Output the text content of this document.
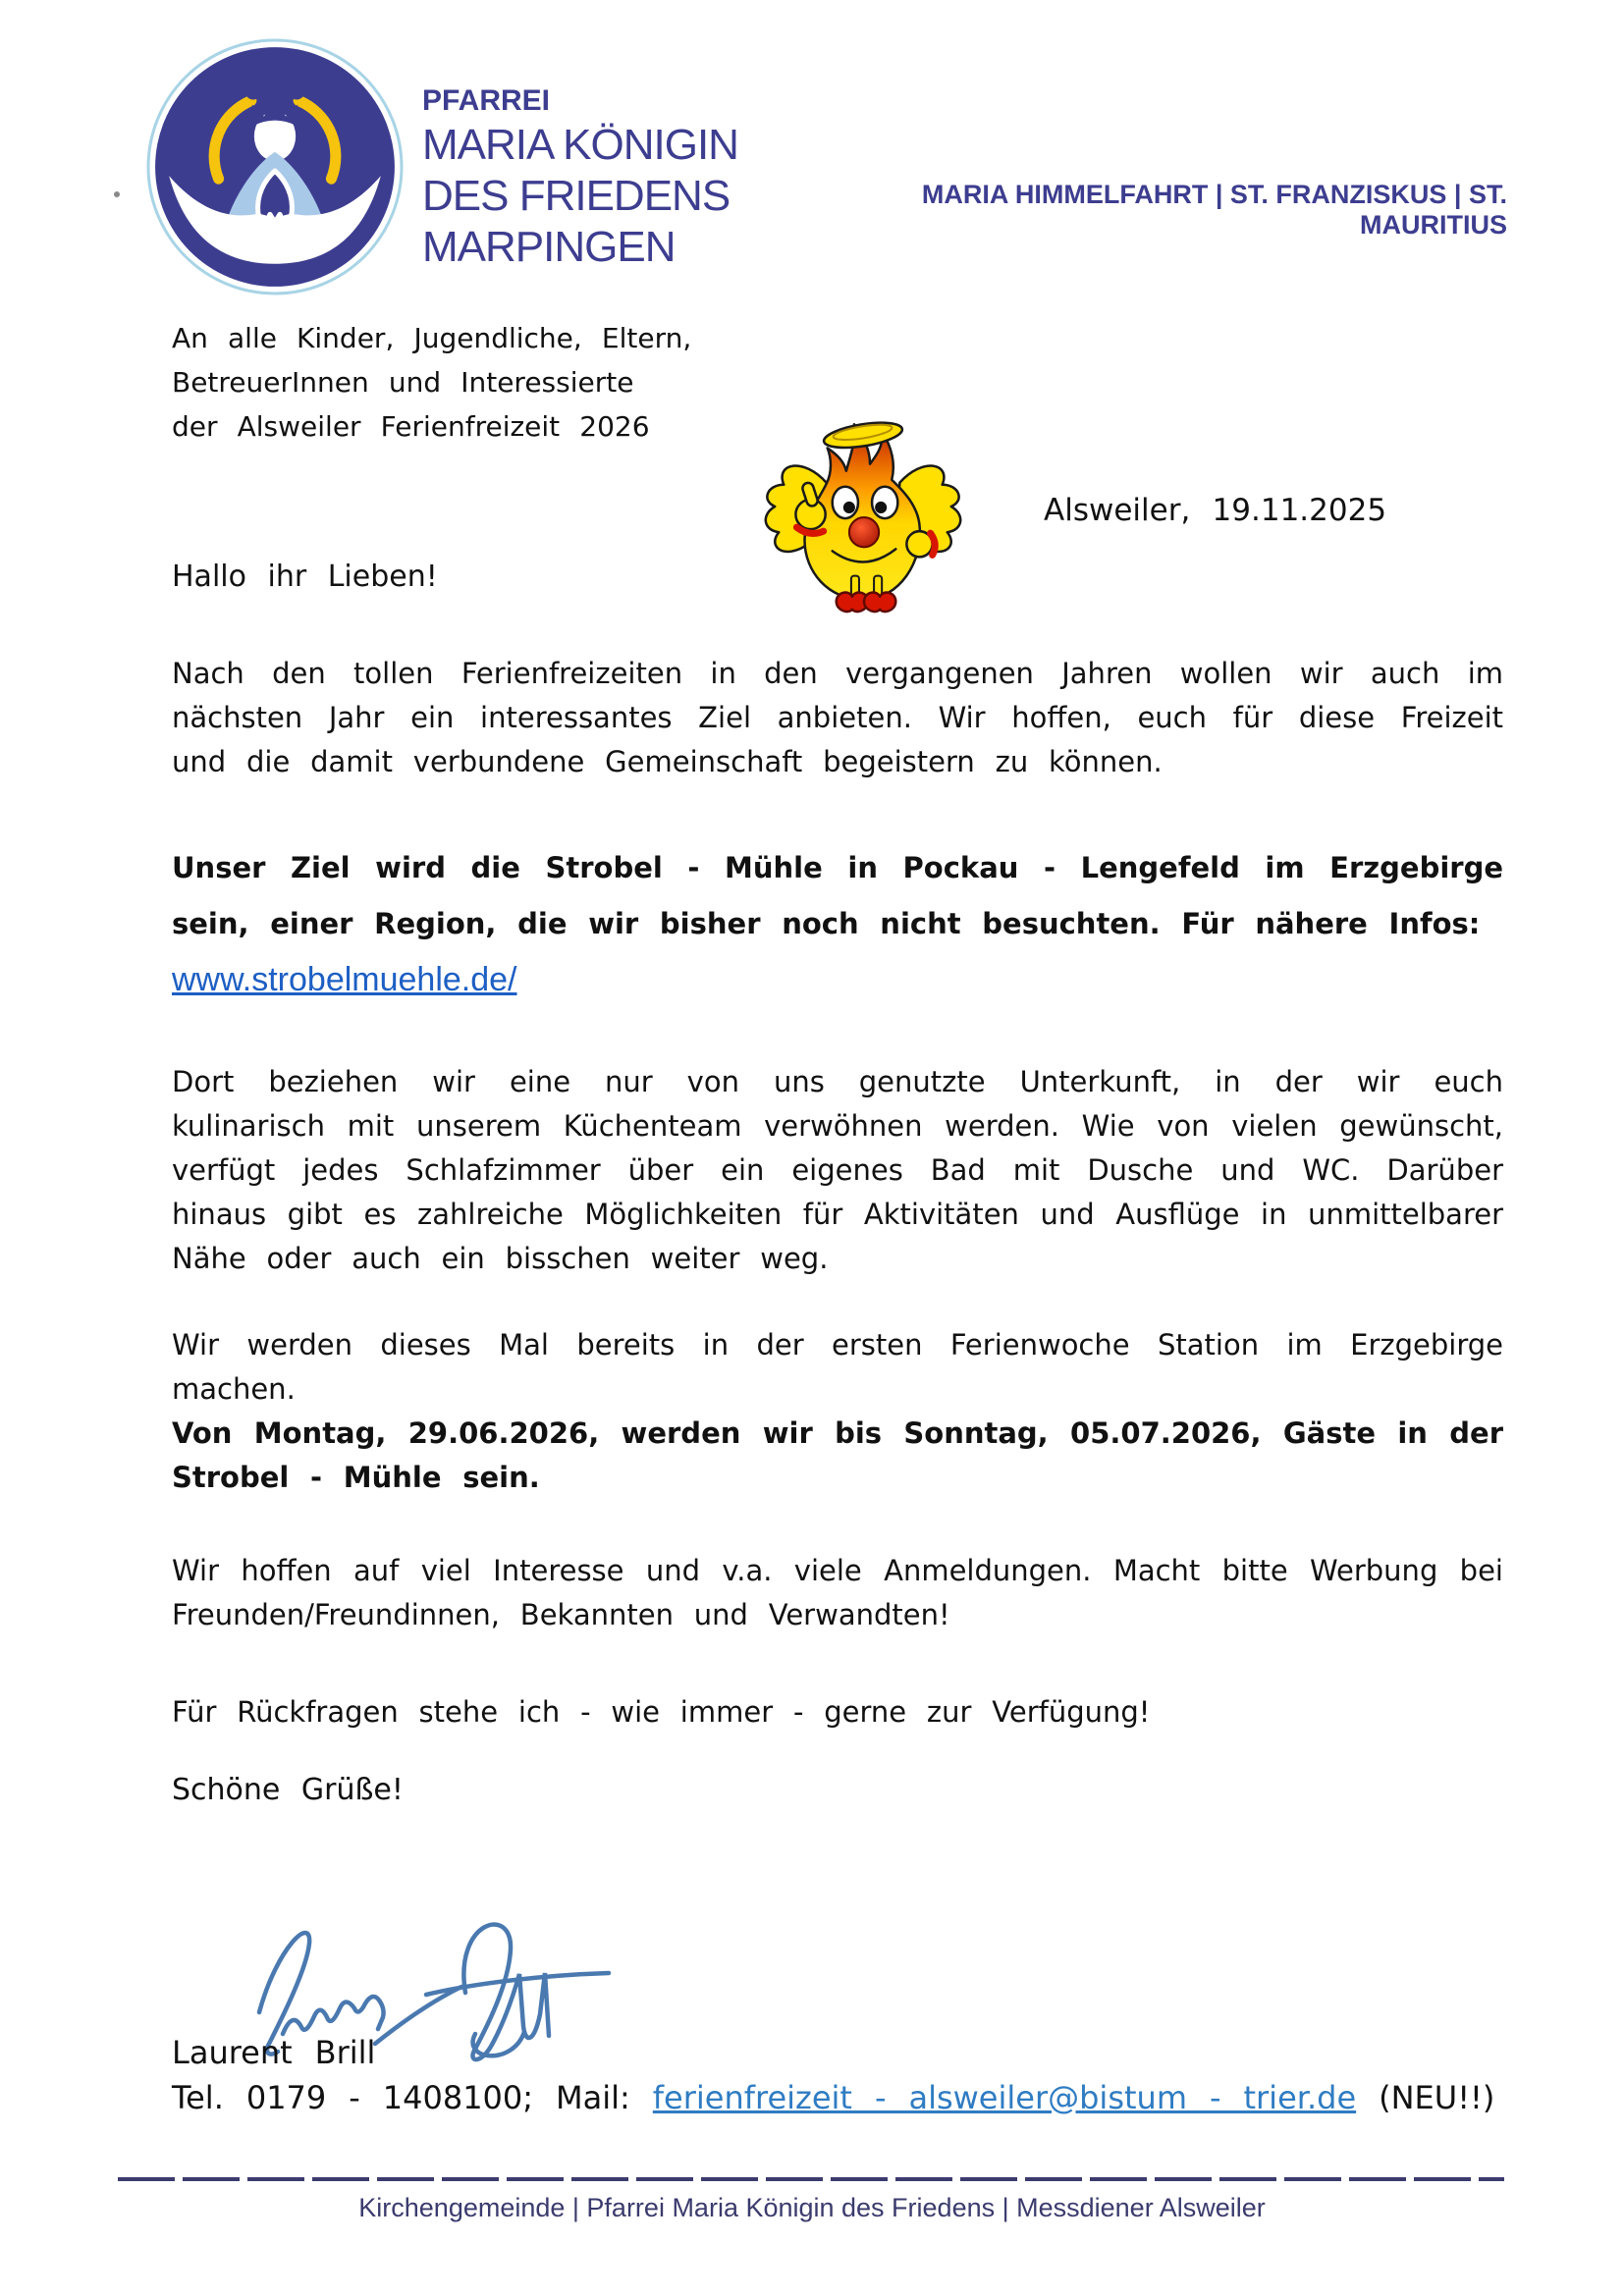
PFARREI
MARIA KÖNIGIN
DES FRIEDENS
MARPINGEN
MARIA HIMMELFAHRT | ST. FRANZISKUS | ST. MAURITIUS
An alle Kinder, Jugendliche, Eltern,
BetreuerInnen und Interessierte
der Alsweiler Ferienfreizeit 2026
Alsweiler, 19.11.2025
Hallo ihr Lieben!
Nach den tollen Ferienfreizeiten in den vergangenen Jahren wollen wir auch im nächsten Jahr ein interessantes Ziel anbieten. Wir hoffen, euch für diese Freizeit und die damit verbundene Gemeinschaft begeistern zu können.
Unser Ziel wird die Strobel - Mühle in Pockau - Lengefeld im Erzgebirge sein, einer Region, die wir bisher noch nicht besuchten. Für nähere Infos:
www.strobelmuehle.de/
Dort beziehen wir eine nur von uns genutzte Unterkunft, in der wir euch kulinarisch mit unserem Küchenteam verwöhnen werden. Wie von vielen gewünscht, verfügt jedes Schlafzimmer über ein eigenes Bad mit Dusche und WC. Darüber hinaus gibt es zahlreiche Möglichkeiten für Aktivitäten und Ausflüge in unmittelbarer Nähe oder auch ein bisschen weiter weg.
Wir werden dieses Mal bereits in der ersten Ferienwoche Station im Erzgebirge machen.
Von Montag, 29.06.2026, werden wir bis Sonntag, 05.07.2026, Gäste in der Strobel - Mühle sein.
Wir hoffen auf viel Interesse und v.a. viele Anmeldungen. Macht bitte Werbung bei Freunden/Freundinnen, Bekannten und Verwandten!
Für Rückfragen stehe ich - wie immer - gerne zur Verfügung!
Schöne Grüße!
Laurent Brill
Tel. 0179 - 1408100; Mail: ferienfreizeit - alsweiler@bistum - trier.de (NEU!!)
Kirchengemeinde | Pfarrei Maria Königin des Friedens | Messdiener Alsweiler
